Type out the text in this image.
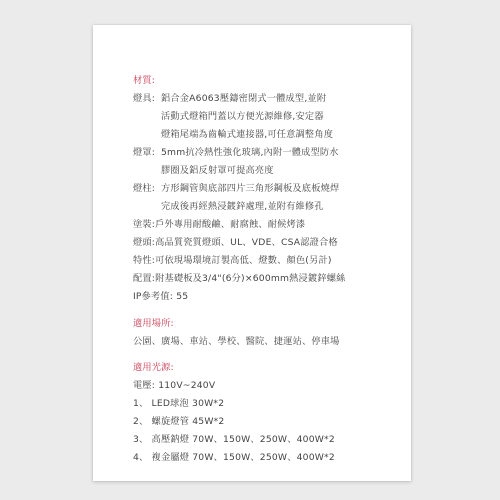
材質:
燈具: 鋁合金A6063壓鑄密閉式一體成型,並附
活動式燈箱門蓋以方便光源維修,安定器
燈箱尾端為齒輪式連接器,可任意調整角度
燈罩: 5mm抗冷熱性強化玻璃,內附一體成型防水
膠圈及鋁反射罩可提高亮度
燈柱: 方形鋼管與底部四片三角形鋼板及底板燒焊
完成後再經熱浸鍍鋅處理,並附有維修孔
塗裝: 戶外專用耐酸鹼、耐腐蝕、耐候烤漆
燈頭: 高品質瓷質燈頭、UL、VDE、CSA認證合格
特性: 可依現場環境訂製高低、燈數、顏色(另計)
配置: 附基礎板及3/4"(6分)×600mm熱浸鍍鋅螺絲
IP參考值: 55
適用場所:
公園、廣場、車站、學校、醫院、捷運站、停車場
適用光源:
電壓: 110V~240V
1、 LED球泡 30W*2
2、 螺旋燈管 45W*2
3、 高壓鈉燈 70W、150W、250W、400W*2
4、 複金屬燈 70W、150W、250W、400W*2
